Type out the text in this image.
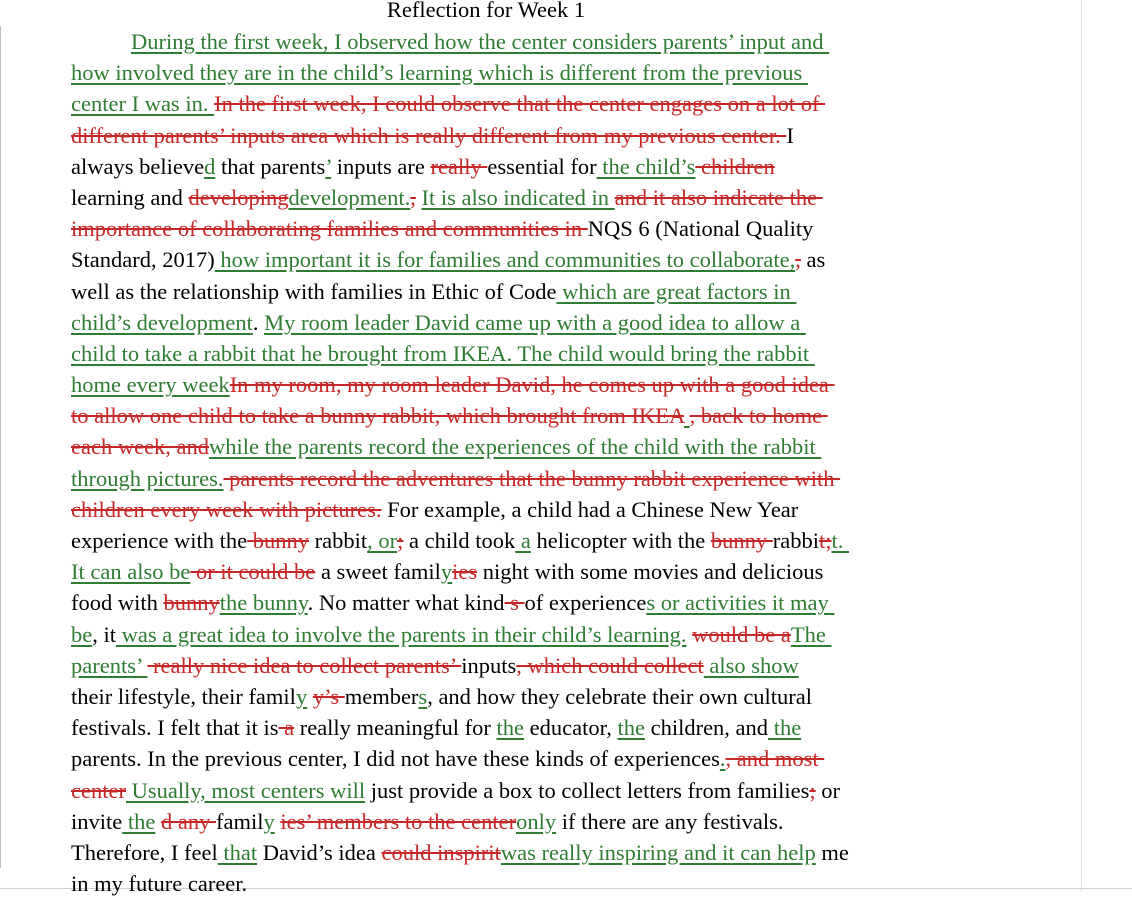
Reflection for Week 1
During the first week, I observed how the center considers parents’ input and
how involved they are in the child’s learning which is different from the previous
center I was in. In the first week, I could observe that the center engages on a lot of
different parents’ inputs area which is really different from my previous center. I
always believed that parents’ inputs are really essential for the child’s children
learning and developingdevelopment., It is also indicated in and it also indicate the
importance of collaborating families and communities in NQS 6 (National Quality
Standard, 2017) how important it is for families and communities to collaborate,, as
well as the relationship with families in Ethic of Code which are great factors in
child’s development. My room leader David came up with a good idea to allow a
child to take a rabbit that he brought from IKEA. The child would bring the rabbit
home every weekIn my room, my room leader David, he comes up with a good idea
to allow one child to take a bunny rabbit, which brought from IKEA , back to home
each week, andwhile the parents record the experiences of the child with the rabbit
through pictures. parents record the adventures that the bunny rabbit experience with
children every week with pictures. For example, a child had a Chinese New Year
experience with the bunny rabbit, or; a child took a helicopter with the bunny rabbit;t.
It can also be or it could be a sweet familyies night with some movies and delicious
food with bunnythe bunny. No matter what kind s of experiences or activities it may
be, it was a great idea to involve the parents in their child’s learning. would be aThe
parents’  really nice idea to collect parents’ inputs, which could collect also show
their lifestyle, their family y’s members, and how they celebrate their own cultural
festivals. I felt that it is a really meaningful for the educator, the children, and the
parents. In the previous center, I did not have these kinds of experiences., and most
center Usually, most centers will just provide a box to collect letters from families; or
invite the d any family ies’ members to the centeronly if there are any festivals.
Therefore, I feel that David’s idea could inspiritwas really inspiring and it can help me
in my future career.
